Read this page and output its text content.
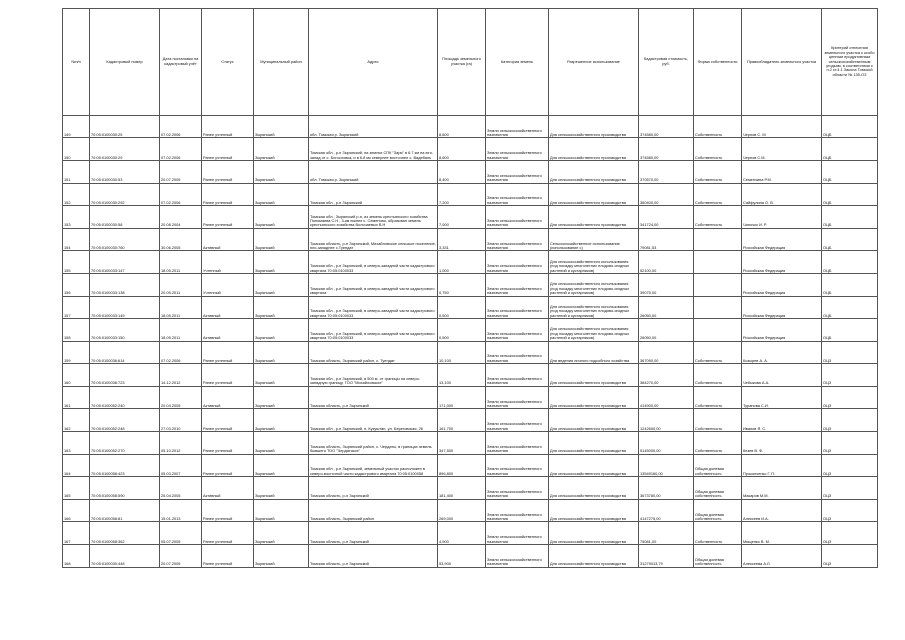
№п/п	Кадастровый номер	Дата постановки на кадастровый учёт	Статус	Муниципальный район	Адрес	Площадь земельного участка (га)	Категория земель	Разрешенное использование	Кадастровая стоимость, руб.	Форма собственности		Правообладатель земельного участка	Критерий отнесения земельного участка к особо ценным продуктивным сельскохозяйственным угодьям, в соответствии с п.2 ст.4.1 Закона Томской области № 135-ОЗ
149	70:05:0100030:25	07.02.2006	Ранее учтенный	Зырянский	обл. Томская р. Зырянский	8,600	Земли сельскохозяйственного назначения	Для сельскохозяйственного производства	374580,00	Собственность		Чернов С. М	ОЦБ
150	70:05:0100030:29	07.02.2006	Ранее учтенный	Зырянский	Томская обл., р-н Зырянский, на землях СПК "Заря" в 6.7 км на юго-запад от с. Богословка, и в 6.8 км севернее восточнее с. Вадебаль	8,600	Земли сельскохозяйственного назначения	Для сельскохозяйственного производства	374580,00	Собственность		Чернов С.М.	ОЦБ
151	70:05:0100030:53	20.07.2005	Ранее учтенный	Зырянский	обл. Томская р. Зырянский	8,400	Земли сельскохозяйственного назначения	Для сельскохозяйственного производства	370570,00	Собственность		Семенчина Р.М.	ОЦБ
152	70:05:0100030:292	07.02.2006	Ранее учтенный	Зырянский	Томская обл., р-н Зырянский	7,200	Земли сельскохозяйственного назначения	Для сельскохозяйственного производства	360400,00	Собственность		Сайфулина О. В.	ОЦБ
153	70:05:0100030:58	20.08.2004	Ранее учтенный	Зырянский	Томская обл., Зырянский р-н, из земель крестьянского хозяйства Пономаева С.Н., 3-км южнее с. Семеново, образован земель крестьянского хозяйства Волочаевых В.Н	7,000	Земли сельскохозяйственного назначения	Для сельскохозяйственного производства	341724,00	Собственность		Чапочко И. Р.	ОЦБ
154	70:05:0100030:760	30.06.2005	Активный	Зырянский	Томская область, р-н Зырянский, Михайловское сельское поселение, юго-западнее с.Туендат	3,331	Земли сельскохозяйственного назначения	Сельскохозяйственное использование (использование с)	79081,53			Российская Федерация	ОЦБ
155	70:05:0100033:147	18.05.2011	Учтенный	Зырянский	Томская обл., р-н Зырянский, в северо-западной части кадастрового квартала 70:05:0100033	1,000	Земли сельскохозяйственного назначения	Для сельскохозяйственного использования (под посадку многолетних плодово-ягодных растений и кустарников)	52100,00			Российская Федерация	ОЦБ
156	70:05:0100033:138	20.05.2011	Учтенный	Зырянский	Томская обл., р-н Зырянский, в северо-западной части кадастрового квартала	0,750	Земли сельскохозяйственного назначения	Для сельскохозяйственного использования (под посадку многолетних плодово-ягодных растений и кустарников)	39075,00			Российская Федерация	ОЦБ
157	70:05:0100033:149	18.05.2011	Активный	Зырянский	Томская обл., р-н Зырянский, в северо-западной части кадастрового квартала 70:05:0100033	0,500	Земли сельскохозяйственного назначения	Для сельскохозяйственного использования (под посадку многолетних плодово-ягодных растений и кустарников)	26050,00			Российская Федерация	ОЦБ
158	70:05:0100033:150	18.05.2011	Активный	Зырянский	Томская обл., р-н Зырянский, в северо-западной части кадастрового квартала 70:05:0100033	0,500	Земли сельскохозяйственного назначения	Для сельскохозяйственного использования (под посадку многолетних плодово-ягодных растений и кустарников)	26050,00			Российская Федерация	ОЦБ
159	70:05:0100036:614	07.02.2006	Ранее учтенный	Зырянский	Томская область, Зырянский район, с. Туендат	10,100	Земли сельскохозяйственного назначения	Для ведения личного подсобного хозяйства	367090,00	Собственность		Козырев А. А.	ОЦЗ
160	70:05:0100036:723	14.12.2012	Ранее учтенный	Зырянский	Томская обл., р-н Зырянский, в 500 м. от границы на северо-западную границу, ТОО "Михайловское"	13,100	Земли сельскохозяйственного назначения	Для сельскохозяйственного производства	384270,00	Собственность		Чебыкова А.А.	ОЦЗ
161	70:05:0100052:240	20.04.2005	Активный	Зырянский	Томская область, р-н Зырянский	171,000	Земли сельскохозяйственного назначения	Для сельскохозяйственного производства	414900,00	Собственность		Туранова С.И.	ОЦЗ
162	70:05:0100052:248	27.03.2010	Ранее учтенный	Зырянский	Томская обл., р-н Зырянский, п. Кукуштан, ул. Береговская, 26	161,700	Земли сельскохозяйственного назначения	Для сельскохозяйственного производства	1242600,00	Собственность		Иванов Я. С.	ОЦЗ
163	70:05:0100052:270	05.10.2012	Ранее учтенный	Зырянский	Томская область, Зырянский район, с. Чердаты, в границах земель бывшего ТОО "Чердатское"	347,500	Земли сельскохозяйственного назначения	Для сельскохозяйственного производства	5145000,00	Собственность		Кезев В. Ф.	ОЦЗ
164	70:05:0100058:423	05.03.2007	Ранее учтенный	Зырянский	Томская обл., р-н Зырянский, земельный участок расположен в северо-восточной части кадастрового квартала 70:05:0100058	896,800	Земли сельскохозяйственного назначения	Для сельскохозяйственного производства	13549160,00	Общая долевая собственность		Прокопченко Г. П.	ОЦЗ
165	70:05:0100058:590	25.04.2005	Активный	Зырянский	Томская область, р-н Зырянский	181,400	Земли сельскохозяйственного назначения	Для сельскохозяйственного производства	3673780,00	Общая долевая собственность		Макаров М.М.	ОЦЗ
166	70:05:0100058:81	15.01.2013	Ранее учтенный	Зырянский	Томская область, Зырянский район	269,000	Земли сельскохозяйственного назначения	Для сельскохозяйственного производства	4147275,00	Общая долевая собственность		Алексеев И.А.	ОЦЗ
167	70:05:0100058:362	05.07.2005	Ранее учтенный	Зырянский	Томская область, р-н Зырянский	4,900	Земли сельскохозяйственного назначения	Для сельскохозяйственного производства	75081,00	Собственность		Мищенко В. М.	ОЦЗ
168	70:05:0100030:448	20.07.2005	Ранее учтенный	Зырянский	Томская область, р-н Зырянский	53,900	Земли сельскохозяйственного назначения	Для сельскохозяйственного производства	31279013,79	Общая долевая собственность		Алексеева А.Л.	ОЦЗ
